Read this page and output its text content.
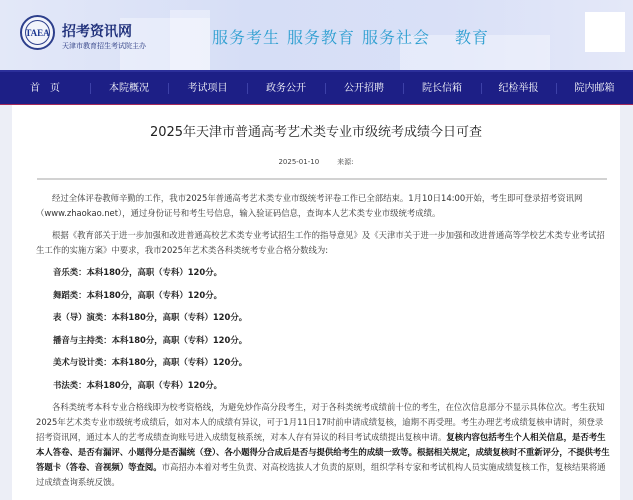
TAEA 招考资讯网
天津市教育招生考试院主办	服务考生 服务教育 服务社会 教育
首　页	本院概况	考试项目	政务公开	公开招聘	院长信箱	纪检举报	院内邮箱
2025年天津市普通高考艺术类专业市级统考成绩今日可查
2025-01-10	来源:

经过全体评卷教师辛勤的工作，我市2025年普通高考艺术类专业市级统考评卷工作已全部结束。1月10日14:00开始，考生即可登录招考资讯网（www.zhaokao.net），通过身份证号和考生号信息，输入验证码信息，查询本人艺术类专业市级统考成绩。

根据《教育部关于进一步加强和改进普通高校艺术类专业考试招生工作的指导意见》及《天津市关于进一步加强和改进普通高等学校艺术类专业考试招生工作的实施方案》中要求，我市2025年艺术类各科类统考专业合格分数线为:

音乐类：本科180分，高职（专科）120分。

舞蹈类：本科180分，高职（专科）120分。

表（导）演类：本科180分，高职（专科）120分。

播音与主持类：本科180分，高职（专科）120分。

美术与设计类：本科180分，高职（专科）120分。

书法类：本科180分，高职（专科）120分。

各科类统考本科专业合格线即为校考资格线，为避免炒作高分段考生，对于各科类统考成绩前十位的考生，在位次信息部分不显示具体位次。考生获知2025年艺术类专业市级统考成绩后，如对本人的成绩有异议，可于1月11日17时前申请成绩复核，逾期不再受理。考生办理艺考成绩复核申请时，须登录招考资讯网，通过本人的艺考成绩查询账号进入成绩复核系统，对本人存有异议的科目考试成绩提出复核申请。复核内容包括考生个人相关信息，是否考生本人答卷、是否有漏评、小题得分是否漏统（登）、各小题得分合成后是否与提供给考生的成绩一致等。根据相关规定，成绩复核时不重新评分，不提供考生答题卡（答卷、音视频）等查阅。市高招办本着对考生负责、对高校选拔人才负责的原则，组织学科专家和考试机构人员实施成绩复核工作，复核结果将通过成绩查询系统反馈。
